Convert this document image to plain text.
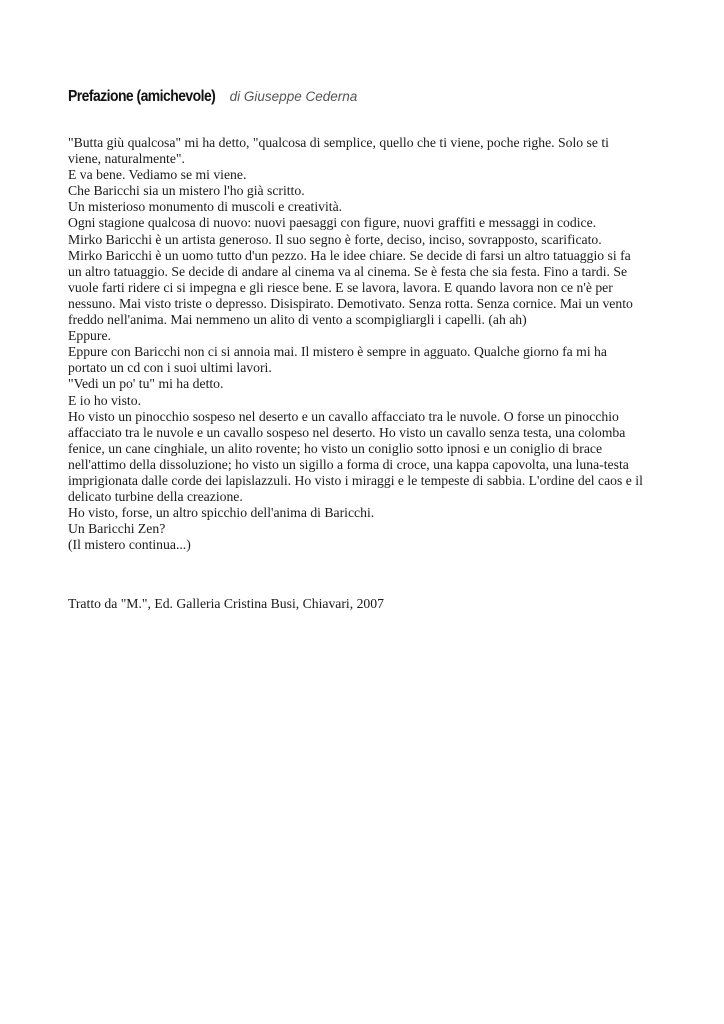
Prefazione (amichevole) di Giuseppe Cederna

"Butta giù qualcosa" mi ha detto, "qualcosa di semplice, quello che ti viene, poche righe. Solo se ti

viene, naturalmente".

E va bene. Vediamo se mi viene.

Che Baricchi sia un mistero l'ho già scritto.

Un misterioso monumento di muscoli e creatività.

Ogni stagione qualcosa di nuovo: nuovi paesaggi con figure, nuovi graffiti e messaggi in codice.

Mirko Baricchi è un artista generoso. Il suo segno è forte, deciso, inciso, sovrapposto, scarificato.

Mirko Baricchi è un uomo tutto d'un pezzo. Ha le idee chiare. Se decide di farsi un altro tatuaggio si fa

un altro tatuaggio. Se decide di andare al cinema va al cinema. Se è festa che sia festa. Fino a tardi. Se

vuole farti ridere ci si impegna e gli riesce bene. E se lavora, lavora. E quando lavora non ce n'è per

nessuno. Mai visto triste o depresso. Disispirato. Demotivato. Senza rotta. Senza cornice. Mai un vento

freddo nell'anima. Mai nemmeno un alito di vento a scompigliargli i capelli. (ah ah)

Eppure.

Eppure con Baricchi non ci si annoia mai. Il mistero è sempre in agguato. Qualche giorno fa mi ha

portato un cd con i suoi ultimi lavori.

"Vedi un po' tu" mi ha detto.

E io ho visto.

Ho visto un pinocchio sospeso nel deserto e un cavallo affacciato tra le nuvole. O forse un pinocchio

affacciato tra le nuvole e un cavallo sospeso nel deserto. Ho visto un cavallo senza testa, una colomba

fenice, un cane cinghiale, un alito rovente; ho visto un coniglio sotto ipnosi e un coniglio di brace

nell'attimo della dissoluzione; ho visto un sigillo a forma di croce, una kappa capovolta, una luna-testa

imprigionata dalle corde dei lapislazzuli. Ho visto i miraggi e le tempeste di sabbia. L'ordine del caos e il

delicato turbine della creazione.

Ho visto, forse, un altro spicchio dell'anima di Baricchi.

Un Baricchi Zen?

(Il mistero continua...)

Tratto da "M.", Ed. Galleria Cristina Busi, Chiavari, 2007
